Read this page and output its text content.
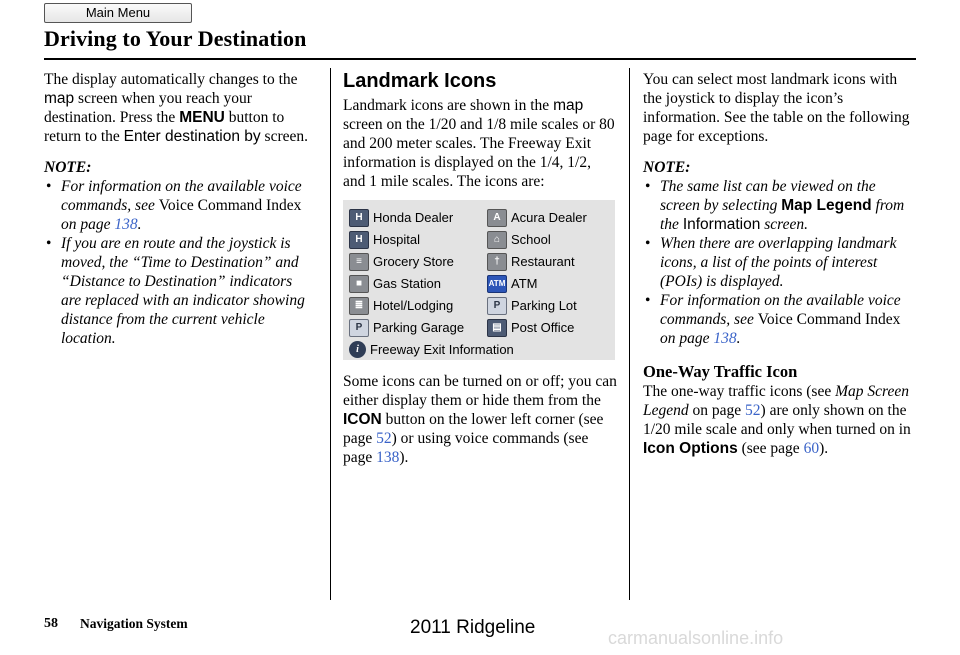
Main Menu
Driving to Your Destination

The display automatically changes to the map screen when you reach your destination. Press the MENU button to return to the Enter destination by screen.

NOTE:

• For information on the available voice commands, see Voice Command Index on page 138.
• If you are en route and the joystick is moved, the “Time to Destination” and “Distance to Destination” indicators are replaced with an indicator showing distance from the current vehicle location.

Landmark Icons

Landmark icons are shown in the map screen on the 1/20 and 1/8 mile scales or 80 and 200 meter scales. The Freeway Exit information is displayed on the 1/4, 1/2, and 1 mile scales. The icons are:

H Honda Dealer	A Acura Dealer
H Hospital	⌂ School
≡ Grocery Store	† Restaurant
■ Gas Station	ATM ATM
≣ Hotel/Lodging	P Parking Lot
P Parking Garage	▤ Post Office
i Freeway Exit Information

Some icons can be turned on or off; you can either display them or hide them from the ICON button on the lower left corner (see page 52) or using voice commands (see page 138).

You can select most landmark icons with the joystick to display the icon’s information. See the table on the following page for exceptions.

NOTE:

• The same list can be viewed on the screen by selecting Map Legend from the Information screen.
• When there are overlapping landmark icons, a list of the points of interest (POIs) is displayed.
• For information on the available voice commands, see Voice Command Index on page 138.

One-Way Traffic Icon

The one-way traffic icons (see Map Screen Legend on page 52) are only shown on the 1/20 mile scale and only when turned on in Icon Options (see page 60).

58 Navigation System	2011 Ridgeline	carmanualsonline.info
